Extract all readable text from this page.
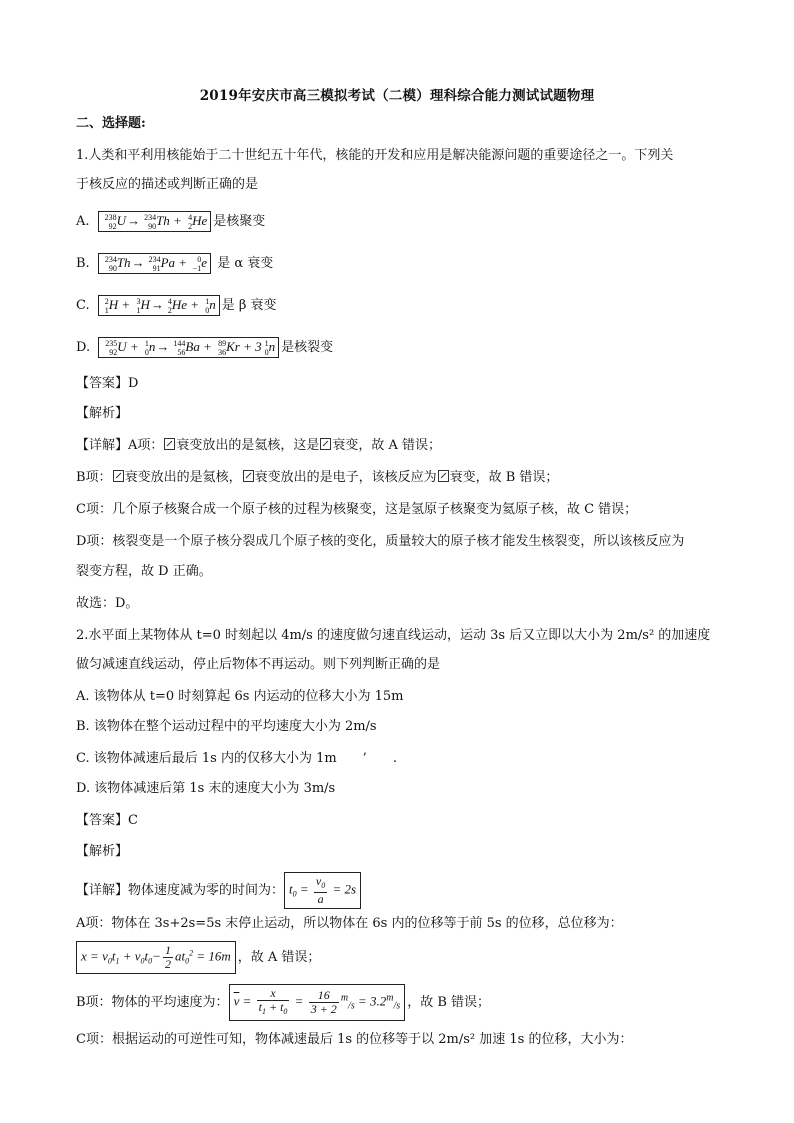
2019年安庆市高三模拟考试（二模）理科综合能力测试试题物理
二、选择题:
1.人类和平利用核能始于二十世纪五十年代，核能的开发和应用是解决能源问题的重要途径之一。下列关
于核反应的描述或判断正确的是
A. 238
92 U→ 234
90 Th + 4
2 He 是核聚变
B. 234
90 Th→ 234
91 Pa + 0
−1 e 是 α 衰变
C. 2
1 H + 3
1 H→ 4
2 He + 1
0 n 是 β 衰变
D. 235
92 U + 1
0 n→ 144
56 Ba + 89
36 Kr + 3 1
0 n 是核裂变
【答案】D
【解析】
【详解】A项： 衰变放出的是氦核，这是 衰变，故 A 错误；
B项： 衰变放出的是氦核， 衰变放出的是电子，该核反应为 衰变，故 B 错误；
C项：几个原子核聚合成一个原子核的过程为核聚变，这是氢原子核聚变为氦原子核，故 C 错误；
D项：核裂变是一个原子核分裂成几个原子核的变化，质量较大的原子核才能发生核裂变，所以该核反应为
裂变方程，故 D 正确。
故选：D。
2.水平面上某物体从 t=0 时刻起以 4m/s 的速度做匀速直线运动，运动 3s 后又立即以大小为 2m/s² 的加速度
做匀减速直线运动，停止后物体不再运动。则下列判断正确的是
A. 该物体从 t=0 时刻算起 6s 内运动的位移大小为 15m
B. 该物体在整个运动过程中的平均速度大小为 2m/s
C. 该物体减速后最后 1s 内的仅移大小为 1m　　’　　.
D. 该物体减速后第 1s 末的速度大小为 3m/s
【答案】C
【解析】
【详解】物体速度减为零的时间为： $t_0 = \frac{v_0}{a} = 2s$
A项：物体在 3s+2s=5s 末停止运动，所以物体在 6s 内的位移等于前 5s 的位移，总位移为：
$x = v_0t_1 + v_0t_0- \frac{1}{2} at_0^2 = 16m$ ，故 A 错误；
B项：物体的平均速度为： $\overline{v} = \frac{x}{t_1 + t_0} = \frac{16}{3 + 2} ^m_{/s} = 3.2^m_{/s}$ ，故 B 错误；
C项：根据运动的可逆性可知，物体减速最后 1s 的位移等于以 2m/s² 加速 1s 的位移，大小为：
